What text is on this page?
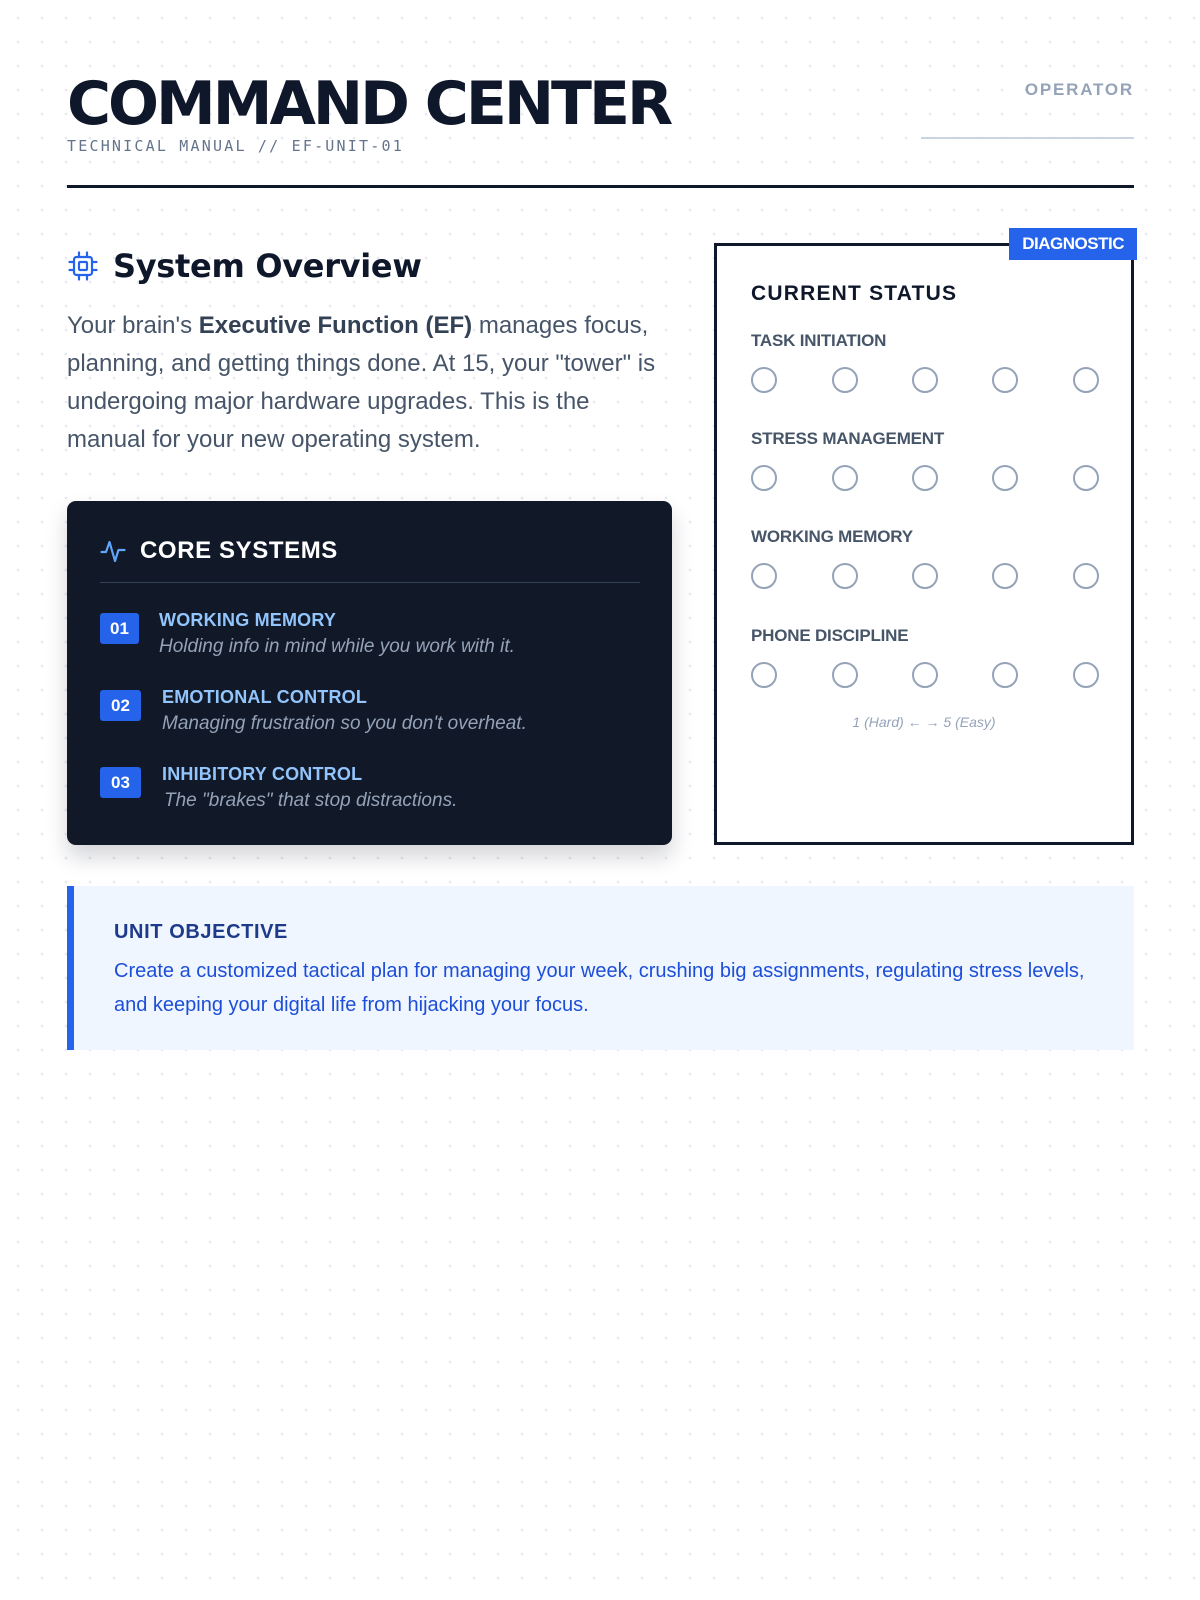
COMMAND CENTER
TECHNICAL MANUAL // EF-UNIT-01
OPERATOR
System Overview

Your brain's Executive Function (EF) manages focus, planning, and getting things done. At 15, your "tower" is undergoing major hardware upgrades. This is the manual for your new operating system.

CORE SYSTEMS
01	WORKING MEMORY
Holding info in mind while you work with it.
02	EMOTIONAL CONTROL
Managing frustration so you don't overheat.
03	INHIBITORY CONTROL
The "brakes" that stop distractions.
DIAGNOSTIC
CURRENT STATUS
TASK INITIATION
STRESS MANAGEMENT
WORKING MEMORY
PHONE DISCIPLINE
1 (Hard) ← → 5 (Easy)
UNIT OBJECTIVE

Create a customized tactical plan for managing your week, crushing big assignments, regulating stress levels, and keeping your digital life from hijacking your focus.
